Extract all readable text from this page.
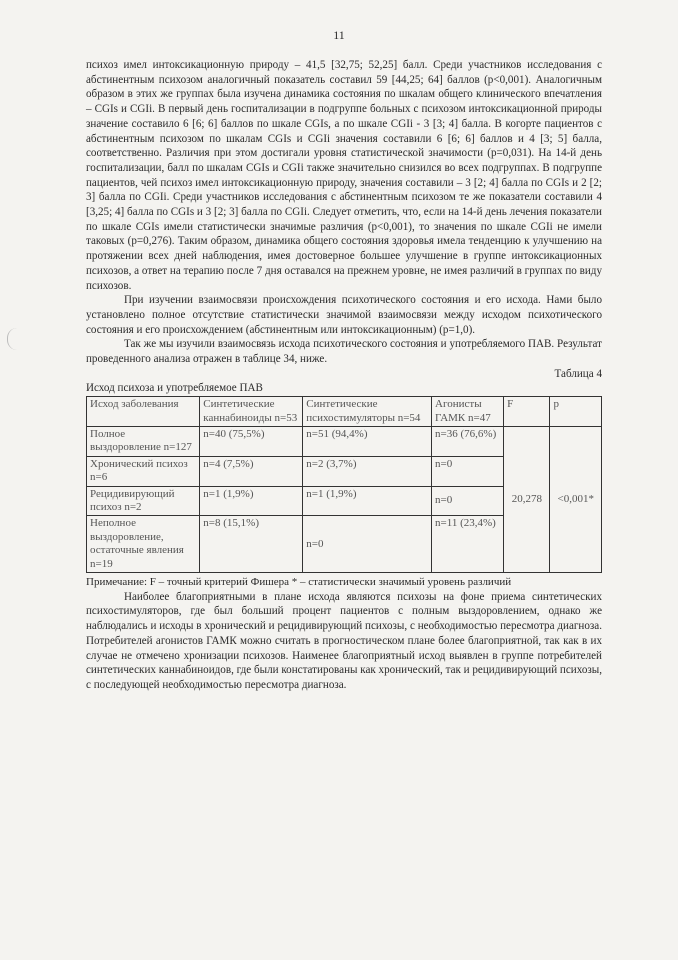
11

психоз имел интоксикационную природу – 41,5 [32,75; 52,25] балл. Среди участников исследования с абстинентным психозом аналогичный показатель составил 59 [44,25; 64] баллов (p<0,001). Аналогичным образом в этих же группах была изучена динамика состояния по шкалам общего клинического впечатления – CGIs и CGIi. В первый день госпитализации в подгруппе больных с психозом интоксикационной природы значение составило 6 [6; 6] баллов по шкале CGIs, а по шкале CGIi - 3 [3; 4] балла. В когорте пациентов с абстинентным психозом по шкалам CGIs и CGIi значения составили 6 [6; 6] баллов и 4 [3; 5] балла, соответственно. Различия при этом достигали уровня статистической значимости (p=0,031). На 14-й день госпитализации, балл по шкалам CGIs и CGIi также значительно снизился во всех подгруппах. В подгруппе пациентов, чей психоз имел интоксикационную природу, значения составили – 3 [2; 4] балла по CGIs и 2 [2; 3] балла по CGIi. Среди участников исследования с абстинентным психозом те же показатели составили 4 [3,25; 4] балла по CGIs и 3 [2; 3] балла по CGIi. Следует отметить, что, если на 14-й день лечения показатели по шкале CGIs имели статистически значимые различия (p<0,001), то значения по шкале CGIi не имели таковых (p=0,276). Таким образом, динамика общего состояния здоровья имела тенденцию к улучшению на протяжении всех дней наблюдения, имея достоверное большее улучшение в группе интоксикационных психозов, а ответ на терапию после 7 дня оставался на прежнем уровне, не имея различий в группах по виду психозов.

При изучении взаимосвязи происхождения психотического состояния и его исхода. Нами было установлено полное отсутствие статистически значимой взаимосвязи между исходом психотического состояния и его происхождением (абстинентным или интоксикационным) (p=1,0).

Так же мы изучили взаимосвязь исхода психотического состояния и употребляемого ПАВ. Результат проведенного анализа отражен в таблице 34, ниже.

Таблица 4
Исход психоза и употребляемое ПАВ
Исход заболевания	Синтетические каннабиноиды n=53	Синтетические психостимуляторы n=54	Агонисты ГАМК n=47	F	p
Полное выздоровление n=127	n=40 (75,5%)	n=51 (94,4%)	n=36 (76,6%)	20,278	<0,001*
Хронический психоз n=6	n=4 (7,5%)	n=2 (3,7%)	n=0		
Рецидивирующий психоз n=2	n=1 (1,9%)	n=1 (1,9%)	n=0		
Неполное выздоровление, остаточные явления n=19	n=8 (15,1%)	n=0	n=11 (23,4%)		
Примечание: F – точный критерий Фишера * – статистически значимый уровень различий

Наиболее благоприятными в плане исхода являются психозы на фоне приема синтетических психостимуляторов, где был больший процент пациентов с полным выздоровлением, однако же наблюдались и исходы в хронический и рецидивирующий психозы, с необходимостью пересмотра диагноза. Потребителей агонистов ГАМК можно считать в прогностическом плане более благоприятной, так как в их случае не отмечено хронизации психозов. Наименее благоприятный исход выявлен в группе потребителей синтетических каннабиноидов, где были констатированы как хронический, так и рецидивирующий психозы, с последующей необходимостью пересмотра диагноза.
